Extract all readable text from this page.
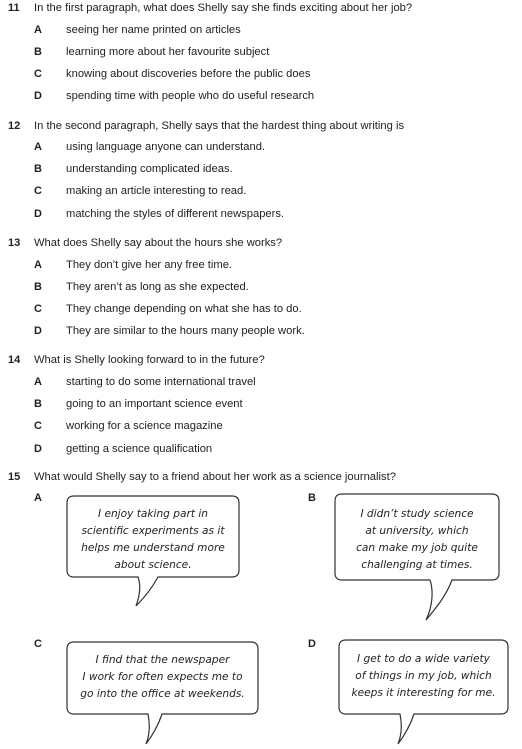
11 In the first paragraph, what does Shelly say she finds exciting about her job?
A seeing her name printed on articles
B learning more about her favourite subject
C knowing about discoveries before the public does
D spending time with people who do useful research
12 In the second paragraph, Shelly says that the hardest thing about writing is
A using language anyone can understand.
B understanding complicated ideas.
C making an article interesting to read.
D matching the styles of different newspapers.
13 What does Shelly say about the hours she works?
A They don’t give her any free time.
B They aren’t as long as she expected.
C They change depending on what she has to do.
D They are similar to the hours many people work.
14 What is Shelly looking forward to in the future?
A starting to do some international travel
B going to an important science event
C working for a science magazine
D getting a science qualification
15 What would Shelly say to a friend about her work as a science journalist?
A
I enjoy taking part in
scientific experiments as it
helps me understand more
about science.
B
I didn’t study science
at university, which
can make my job quite
challenging at times.
C
I find that the newspaper
I work for often expects me to
go into the office at weekends.
D
I get to do a wide variety
of things in my job, which
keeps it interesting for me.
